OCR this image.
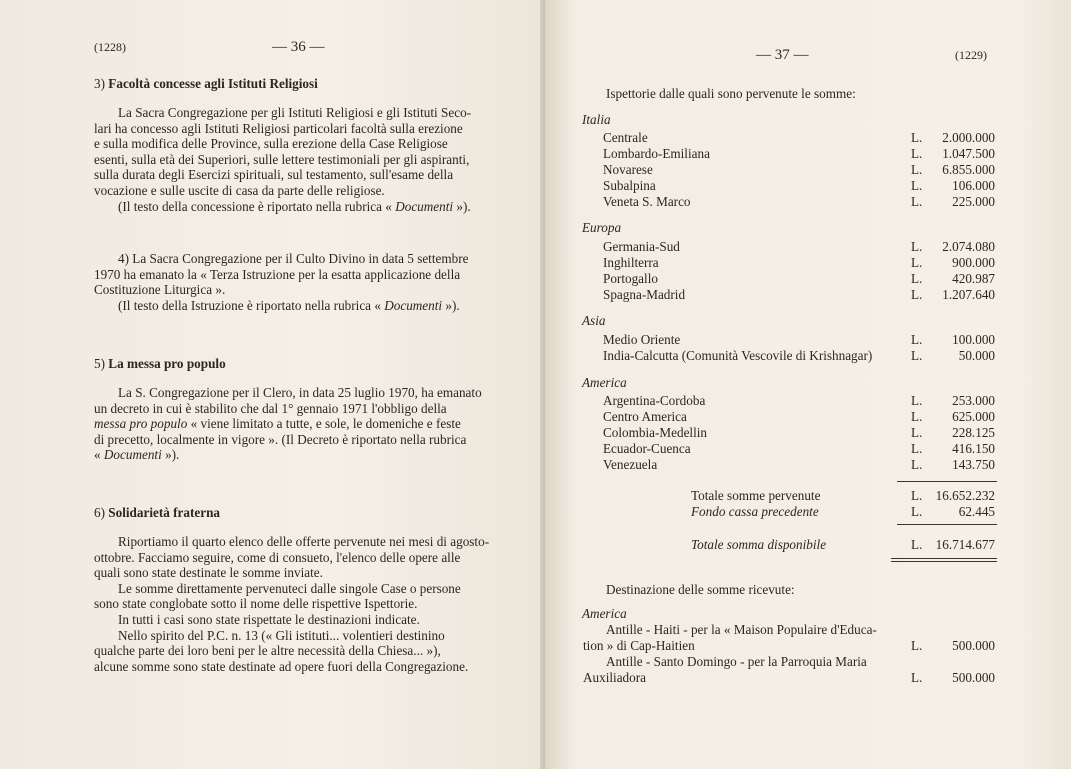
(1228)	— 36 —
3) Facoltà concesse agli Istituti Religiosi

La Sacra Congregazione per gli Istituti Religiosi e gli Istituti Seco-

lari ha concesso agli Istituti Religiosi particolari facoltà sulla erezione

e sulla modifica delle Province, sulla erezione della Case Religiose

esenti, sulla età dei Superiori, sulle lettere testimoniali per gli aspiranti,

sulla durata degli Esercizi spirituali, sul testamento, sull'esame della

vocazione e sulle uscite di casa da parte delle religiose.

(Il testo della concessione è riportato nella rubrica « Documenti »).

4) La Sacra Congregazione per il Culto Divino in data 5 settembre

1970 ha emanato la « Terza Istruzione per la esatta applicazione della

Costituzione Liturgica ».

(Il testo della Istruzione è riportato nella rubrica « Documenti »).

5) La messa pro populo

La S. Congregazione per il Clero, in data 25 luglio 1970, ha emanato

un decreto in cui è stabilito che dal 1° gennaio 1971 l'obbligo della

messa pro populo « viene limitato a tutte, e sole, le domeniche e feste

di precetto, localmente in vigore ». (Il Decreto è riportato nella rubrica

« Documenti »).

6) Solidarietà fraterna

Riportiamo il quarto elenco delle offerte pervenute nei mesi di agosto-

ottobre. Facciamo seguire, come di consueto, l'elenco delle opere alle

quali sono state destinate le somme inviate.

Le somme direttamente pervenuteci dalle singole Case o persone

sono state conglobate sotto il nome delle rispettive Ispettorie.

In tutti i casi sono state rispettate le destinazioni indicate.

Nello spirito del P.C. n. 13 (« Gli istituti... volentieri destinino

qualche parte dei loro beni per le altre necessità della Chiesa... »),

alcune somme sono state destinate ad opere fuori della Congregazione.

— 37 —	(1229)
Ispettorie dalle quali sono pervenute le somme:
Italia
Centrale	L.	2.000.000
Lombardo-Emiliana	L.	1.047.500
Novarese	L.	6.855.000
Subalpina	L.	106.000
Veneta S. Marco	L.	225.000
Europa
Germania-Sud	L.	2.074.080
Inghilterra	L.	900.000
Portogallo	L.	420.987
Spagna-Madrid	L.	1.207.640
Asia
Medio Oriente	L.	100.000
India-Calcutta (Comunità Vescovile di Krishnagar)	L.	50.000
America
Argentina-Cordoba	L.	253.000
Centro America	L.	625.000
Colombia-Medellin	L.	228.125
Ecuador-Cuenca	L.	416.150
Venezuela	L.	143.750
Totale somme pervenute	L.	16.652.232
Fondo cassa precedente	L.	62.445
Totale somma disponibile	L.	16.714.677
Destinazione delle somme ricevute:
America
Antille - Haiti - per la « Maison Populaire d'Educa-
tion » di Cap-Haitien	L.	500.000
Antille - Santo Domingo - per la Parroquia Maria
Auxiliadora	L.	500.000
